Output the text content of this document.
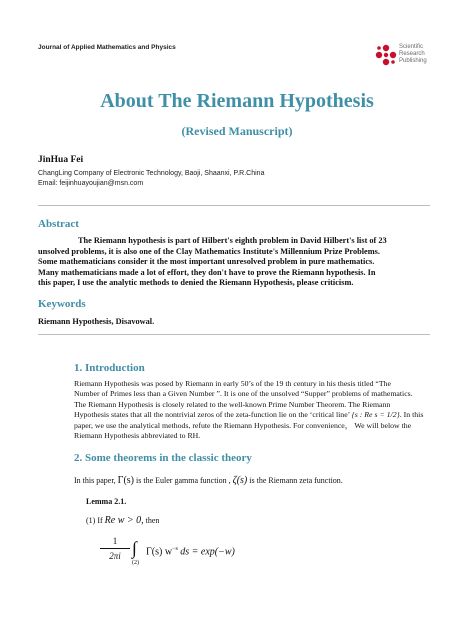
Journal of Applied Mathematics and Physics	Scientific
Research
Publishing
About The Riemann Hypothesis
(Revised Manuscript)
JinHua Fei
ChangLing Company of Electronic Technology, Baoji, Shaanxi, P.R.China
Email: feijinhuayoujian@msn.com
Abstract
The Riemann hypothesis is part of Hilbert's eighth problem in David Hilbert's list of 23
unsolved problems, it is also one of the Clay Mathematics Institute's Millennium Prize Problems.
Some mathematicians consider it the most important unresolved problem in pure mathematics.
Many mathematicians made a lot of effort, they don't have to prove the Riemann hypothesis. In
this paper, I use the analytic methods to denied the Riemann Hypothesis, please criticism.
Keywords
Riemann Hypothesis, Disavowal.
1. Introduction
Riemann Hypothesis was posed by Riemann in early 50’s of the 19 th century in his thesis titled “The
Number of Primes less than a Given Number ”. It is one of the unsolved “Supper” problems of mathematics.
The Riemann Hypothesis is closely related to the well-known Prime Number Theorem. The Riemann
Hypothesis states that all the nontrivial zeros of the zeta-function lie on the ‘critical line’ {s : Re s = 1/2}. In this
paper, we use the analytical methods, refute the Riemann Hypothesis. For convenience， We will below the
Riemann Hypothesis abbreviated to RH.
2. Some theorems in the classic theory
In this paper, Γ(s) is the Euler gamma function , ζ(s) is the Riemann zeta function.
Lemma 2.1.
(1) If Re w > 0, then
1
2πi ∫
(2)
Γ(s) $w^{-s}$ ds = exp(−w)
